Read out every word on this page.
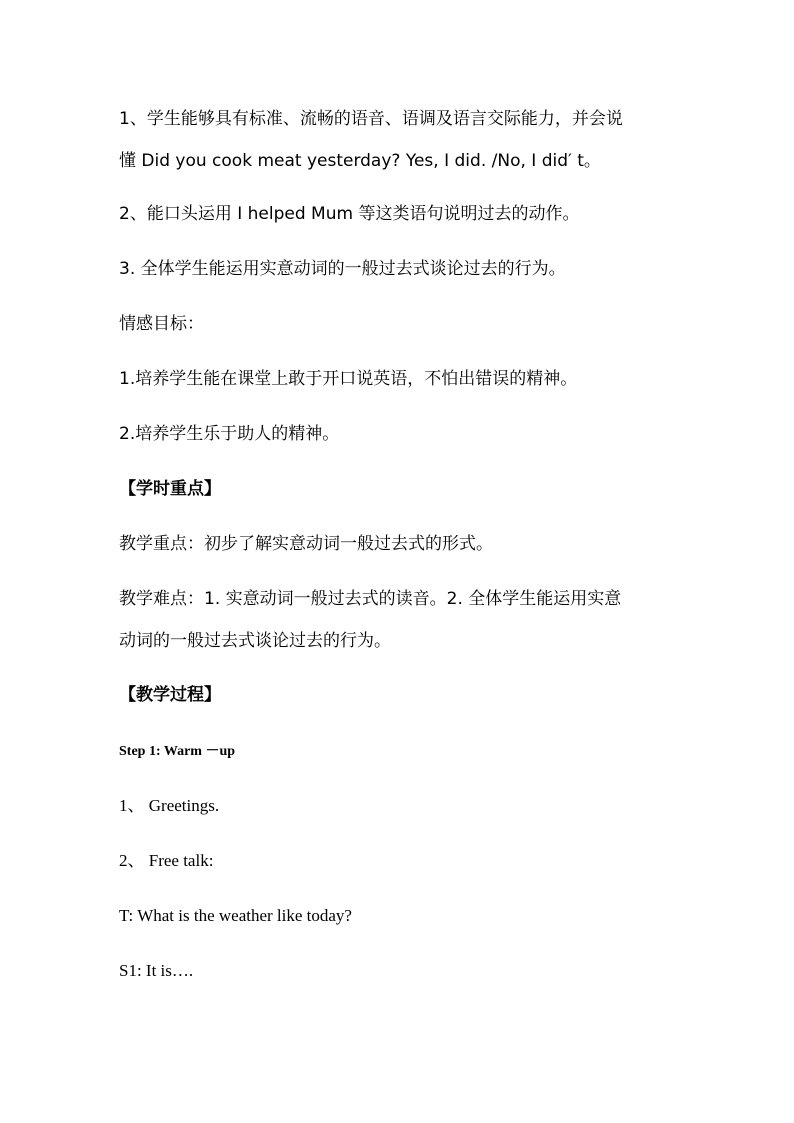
1、学生能够具有标准、流畅的语音、语调及语言交际能力，并会说
懂 Did you cook meat yesterday? Yes, I did. /No, I did′ t。
2、能口头运用 I helped Mum 等这类语句说明过去的动作。
3. 全体学生能运用实意动词的一般过去式谈论过去的行为。
情感目标：
1.培养学生能在课堂上敢于开口说英语，不怕出错误的精神。
2.培养学生乐于助人的精神。
【学时重点】
教学重点：初步了解实意动词一般过去式的形式。
教学难点：1. 实意动词一般过去式的读音。2. 全体学生能运用实意
动词的一般过去式谈论过去的行为。
【教学过程】
Step 1: Warm －up
1、 Greetings.
2、 Free talk:
T: What is the weather like today?
S1: It is….
